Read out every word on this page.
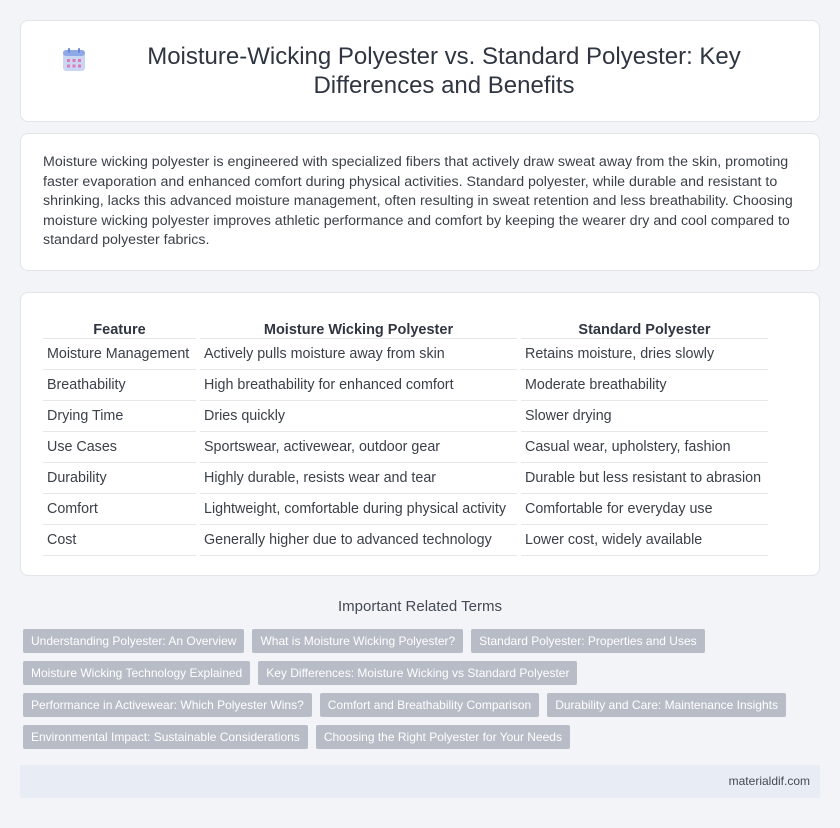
Moisture-Wicking Polyester vs. Standard Polyester: Key Differences and Benefits

Moisture wicking polyester is engineered with specialized fibers that actively draw sweat away from the skin, promoting faster evaporation and enhanced comfort during physical activities. Standard polyester, while durable and resistant to shrinking, lacks this advanced moisture management, often resulting in sweat retention and less breathability. Choosing moisture wicking polyester improves athletic performance and comfort by keeping the wearer dry and cool compared to standard polyester fabrics.

Feature	Moisture Wicking Polyester	Standard Polyester
Moisture Management	Actively pulls moisture away from skin	Retains moisture, dries slowly
Breathability	High breathability for enhanced comfort	Moderate breathability
Drying Time	Dries quickly	Slower drying
Use Cases	Sportswear, activewear, outdoor gear	Casual wear, upholstery, fashion
Durability	Highly durable, resists wear and tear	Durable but less resistant to abrasion
Comfort	Lightweight, comfortable during physical activity	Comfortable for everyday use
Cost	Generally higher due to advanced technology	Lower cost, widely available
Important Related Terms
Understanding Polyester: An Overview	What is Moisture Wicking Polyester?	Standard Polyester: Properties and Uses
Moisture Wicking Technology Explained	Key Differences: Moisture Wicking vs Standard Polyester
Performance in Activewear: Which Polyester Wins?	Comfort and Breathability Comparison	Durability and Care: Maintenance Insights
Environmental Impact: Sustainable Considerations	Choosing the Right Polyester for Your Needs
materialdif.com
